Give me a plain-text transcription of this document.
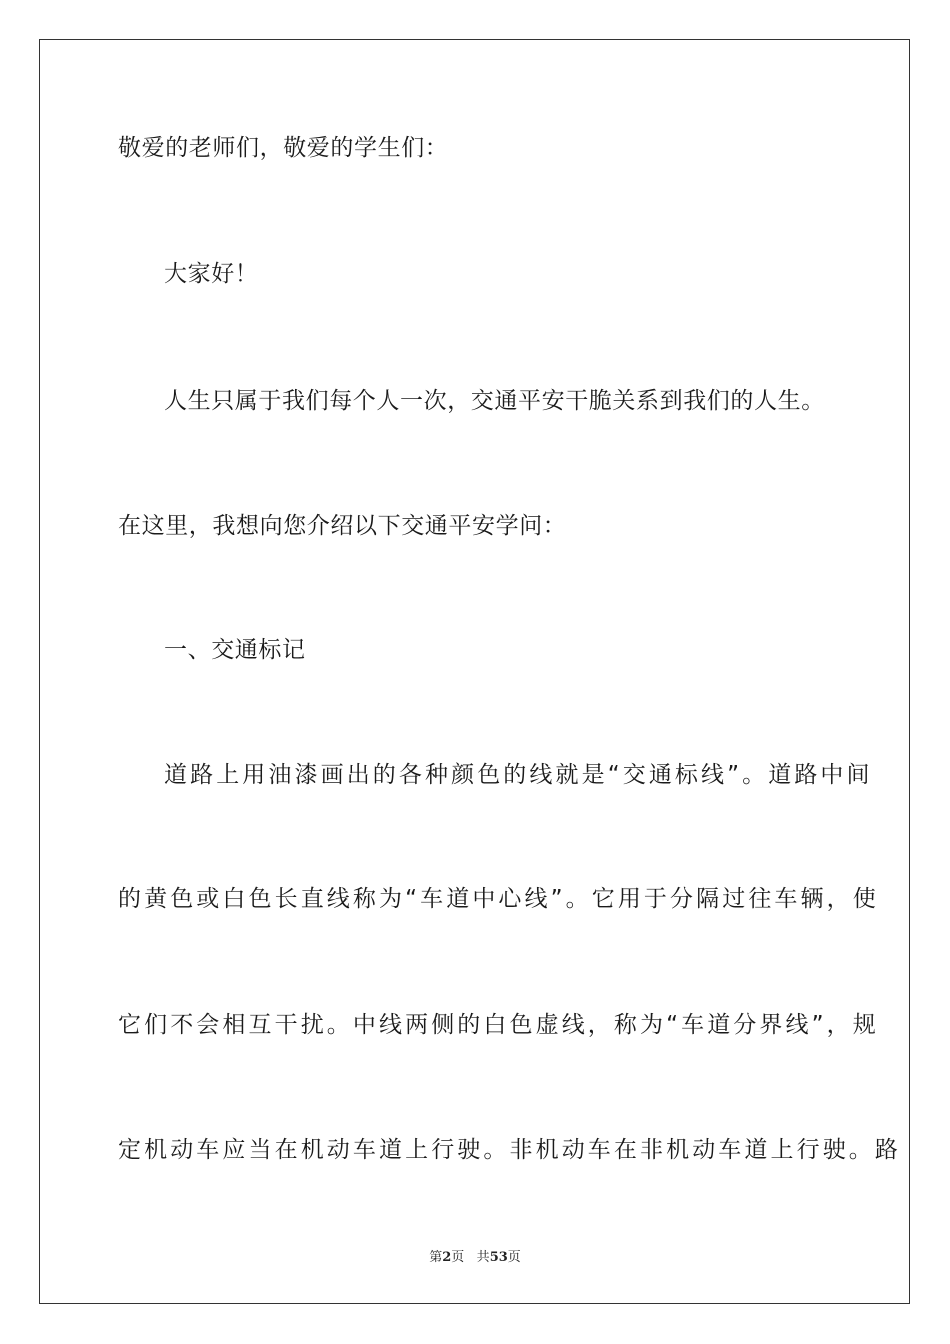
敬爱的老师们，敬爱的学生们：
大家好！
人生只属于我们每个人一次，交通平安干脆关系到我们的人生。
在这里，我想向您介绍以下交通平安学问：
一、交通标记
道路上用油漆画出的各种颜色的线就是“交通标线”。道路中间
的黄色或白色长直线称为“车道中心线”。它用于分隔过往车辆，使
它们不会相互干扰。中线两侧的白色虚线，称为“车道分界线”，规
定机动车应当在机动车道上行驶。非机动车在非机动车道上行驶。路
第2页 共53页
